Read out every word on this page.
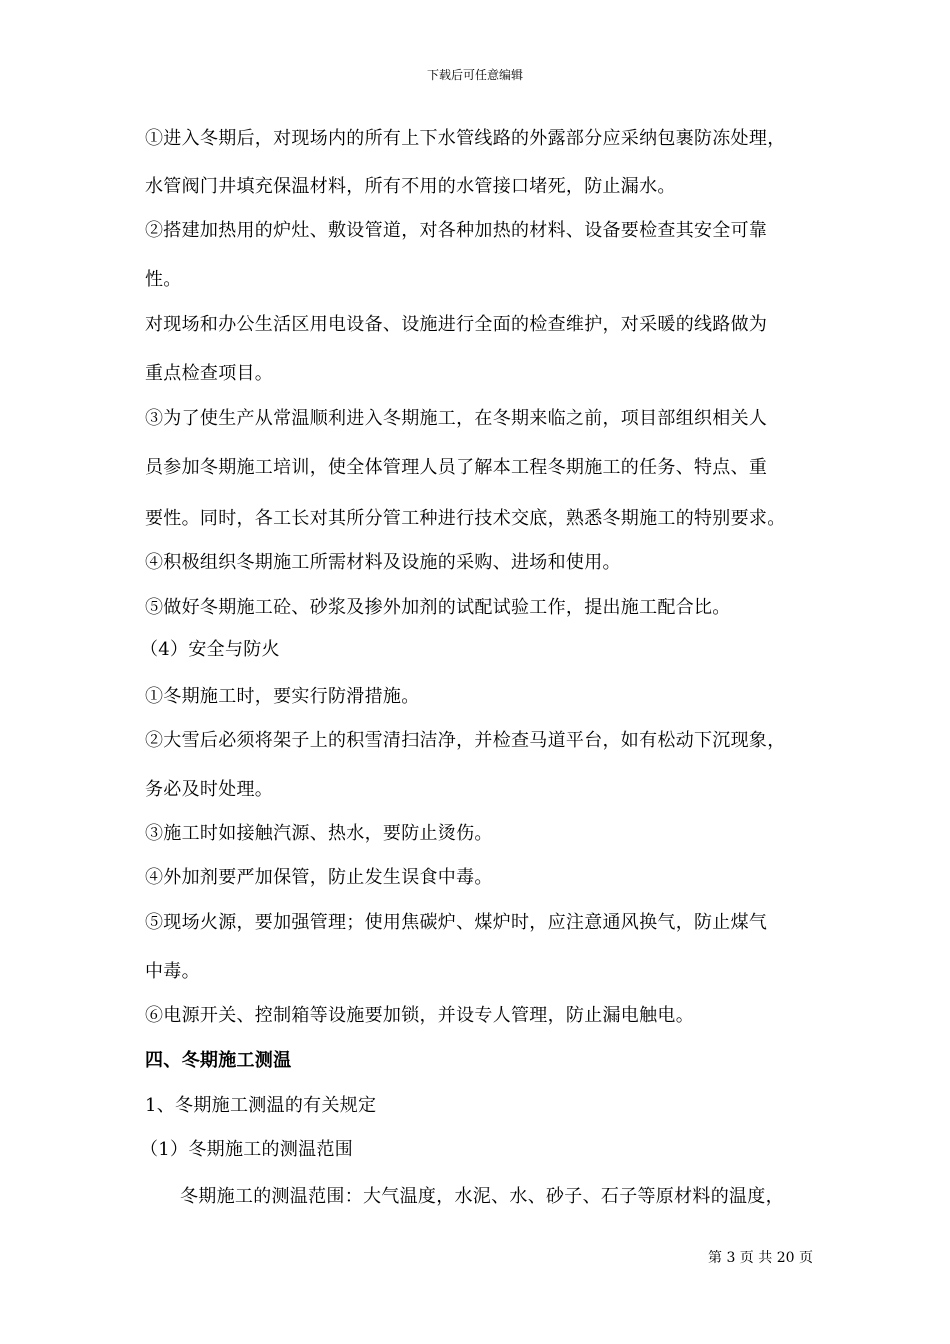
下载后可任意编辑
①进入冬期后，对现场内的所有上下水管线路的外露部分应采纳包裹防冻处理，
水管阀门井填充保温材料，所有不用的水管接口堵死，防止漏水。
②搭建加热用的炉灶、敷设管道，对各种加热的材料、设备要检查其安全可靠
性。
对现场和办公生活区用电设备、设施进行全面的检查维护，对采暖的线路做为
重点检查项目。
③为了使生产从常温顺利进入冬期施工，在冬期来临之前，项目部组织相关人
员参加冬期施工培训，使全体管理人员了解本工程冬期施工的任务、特点、重
要性。同时，各工长对其所分管工种进行技术交底，熟悉冬期施工的特别要求。
④积极组织冬期施工所需材料及设施的采购、进场和使用。
⑤做好冬期施工砼、砂浆及掺外加剂的试配试验工作，提出施工配合比。
（4）安全与防火
①冬期施工时，要实行防滑措施。
②大雪后必须将架子上的积雪清扫洁净，并检查马道平台，如有松动下沉现象，
务必及时处理。
③施工时如接触汽源、热水，要防止烫伤。
④外加剂要严加保管，防止发生误食中毒。
⑤现场火源，要加强管理；使用焦碳炉、煤炉时，应注意通风换气，防止煤气
中毒。
⑥电源开关、控制箱等设施要加锁，并设专人管理，防止漏电触电。
四、冬期施工测温
1、冬期施工测温的有关规定
（1）冬期施工的测温范围
冬期施工的测温范围：大气温度，水泥、水、砂子、石子等原材料的温度，
第 3 页 共 20 页
